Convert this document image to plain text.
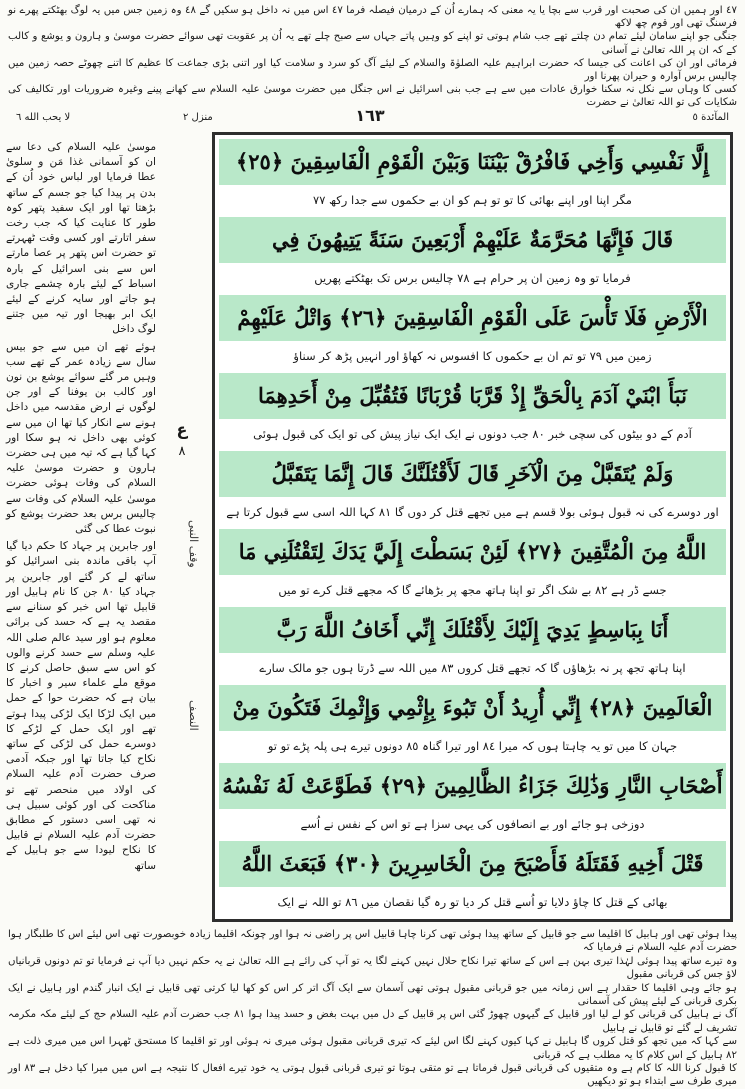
٤٧ اور ہمیں ان کی صحبت اور قرب سے بچا یا یہ معنی کہ ہمارے اُن کے درمیان فیصلہ فرما ٤٧ اس میں نہ داخل ہو سکیں گے ٤٨ وہ زمین جس میں یہ لوگ بھٹکتے پھرے نو فرسنگ تھی اور قوم چھ لاکھ

جنگی جو اپنے سامان لیئے تمام دن چلتے تھے جب شام ہوتی تو اپنے کو وہیں پاتے جہاں سے صبح چلے تھے یہ اُن پر عقوبت تھی سوائے حضرت موسیٰ و ہارون و یوشع و کالب کے کہ ان پر اللہ تعالیٰ نے آسانی

فرمائی اور ان کی اعانت کی جیسا کہ حضرت ابراہیم علیہ الصلوٰۃ والسلام کے لیئے آگ کو سرد و سلامت کیا اور اتنی بڑی جماعت کا عظیم کا اتنے چھوٹے حصہ زمین میں چالیس برس آوارہ و حیران پھرنا اور

کسی کا وہاں سے نکل نہ سکنا خوارق عادات میں سے ہے جب بنی اسرائیل نے اس جنگل میں حضرت موسیٰ علیہ السلام سے کھانے پینے وغیرہ ضروریات اور تکالیف کی شکایات کی تو اللہ تعالیٰ نے حضرت

لا يحب الله ٦	منزل ٢	المآئدة ٥
١٦٣

موسیٰ علیہ السلام کی دعا سے ان کو آسمانی غذا مَن و سلویٰ عطا فرمایا اور لباس خود اُن کے بدن پر پیدا کیا جو جسم کے ساتھ بڑھتا تھا اور ایک سفید پتھر کوہ طور کا عنایت کیا کہ جب رخت سفر اتارتے اور کسی وقت ٹھہرتے تو حضرت اس پتھر پر عصا مارتے اس سے بنی اسرائیل کے بارہ اسباط کے لیئے بارہ چشمے جاری ہو جاتے اور سایہ کرنے کے لیئے ایک ابر بھیجا اور تیہ میں جتنے لوگ داخل

ہوئے تھے ان میں سے جو بیس سال سے زیادہ عمر کے تھے سب وہیں مر گئے سوائے یوشع بن نون اور کالب بن یوفنا کے اور جن لوگوں نے ارض مقدسہ میں داخل ہونے سے انکار کیا تھا ان میں سے کوئی بھی داخل نہ ہو سکا اور کہا گیا ہے کہ تیہ میں ہی حضرت ہارون و حضرت موسیٰ علیہ السلام کی وفات ہوئی حضرت موسیٰ علیہ السلام کی وفات سے چالیس برس بعد حضرت یوشع کو نبوت عطا کی گئی

اور جابرین پر جہاد کا حکم دیا گیا آپ باقی ماندہ بنی اسرائیل کو ساتھ لے کر گئے اور جابرین پر جہاد کیا ٨٠ جن کا نام ہابیل اور قابیل تھا اس خبر کو سنانے سے مقصد یہ ہے کہ حسد کی برائی معلوم ہو اور سید عالم صلی اللہ علیہ وسلم سے حسد کرنے والوں کو اس سے سبق حاصل کرنے کا موقع ملے علماء سیر و اخبار کا بیان ہے کہ حضرت حوا کے حمل میں ایک لڑکا ایک لڑکی پیدا ہوتے تھے اور ایک حمل کے لڑکے کا دوسرے حمل کی لڑکی کے ساتھ نکاح کیا جاتا تھا اور جبکہ آدمی صرف حضرت آدم علیہ السلام کی اولاد میں منحصر تھے تو مناکحت کی اور کوئی سبیل ہی نہ تھی اسی دستور کے مطابق حضرت آدم علیہ السلام نے قابیل کا نکاح لیودا سے جو ہابیل کے ساتھ

ع
٨
وقف النبی
النصف
إِلَّا نَفْسِي وَأَخِي فَافْرُقْ بَيْنَنَا وَبَيْنَ الْقَوْمِ الْفَاسِقِينَ ﴿٢٥﴾
مگر اپنا اور اپنے بھائی کا تو تو ہم کو ان بے حکموں سے جدا رکھ ٧٧
قَالَ فَإِنَّهَا مُحَرَّمَةٌ عَلَيْهِمْ أَرْبَعِينَ سَنَةً يَتِيهُونَ فِي
فرمایا تو وہ زمین ان پر حرام ہے ٧٨ چالیس برس تک بھٹکتے پھریں
الْأَرْضِ فَلَا تَأْسَ عَلَى الْقَوْمِ الْفَاسِقِينَ ﴿٢٦﴾ وَاتْلُ عَلَيْهِمْ
زمین میں ٧٩ تو تم ان بے حکموں کا افسوس نہ کھاؤ اور انہیں پڑھ کر سناؤ
نَبَأَ ابْنَيْ آدَمَ بِالْحَقِّ إِذْ قَرَّبَا قُرْبَانًا فَتُقُبِّلَ مِنْ أَحَدِهِمَا
آدم کے دو بیٹوں کی سچی خبر ٨٠ جب دونوں نے ایک ایک نیاز پیش کی تو ایک کی قبول ہوئی
وَلَمْ يُتَقَبَّلْ مِنَ الْآخَرِ قَالَ لَأَقْتُلَنَّكَ قَالَ إِنَّمَا يَتَقَبَّلُ
اور دوسرے کی نہ قبول ہوئی بولا قسم ہے میں تجھے قتل کر دوں گا ٨١ کہا اللہ اسی سے قبول کرتا ہے
اللَّهُ مِنَ الْمُتَّقِينَ ﴿٢٧﴾ لَئِنْ بَسَطْتَ إِلَيَّ يَدَكَ لِتَقْتُلَنِي مَا
جسے ڈر ہے ٨٢ بے شک اگر تو اپنا ہاتھ مجھ پر بڑھائے گا کہ مجھے قتل کرے تو میں
أَنَا بِبَاسِطٍ يَدِيَ إِلَيْكَ لِأَقْتُلَكَ إِنِّي أَخَافُ اللَّهَ رَبَّ
اپنا ہاتھ تجھ پر نہ بڑھاؤں گا کہ تجھے قتل کروں ٨٣ میں اللہ سے ڈرتا ہوں جو مالک سارے
الْعَالَمِينَ ﴿٢٨﴾ إِنِّي أُرِيدُ أَنْ تَبُوءَ بِإِثْمِي وَإِثْمِكَ فَتَكُونَ مِنْ
جہان کا میں تو یہ چاہتا ہوں کہ میرا ٨٤ اور تیرا گناہ ٨٥ دونوں تیرے ہی پلہ پڑے تو تو
أَصْحَابِ النَّارِ وَذَٰلِكَ جَزَاءُ الظَّالِمِينَ ﴿٢٩﴾ فَطَوَّعَتْ لَهُ نَفْسُهُ
دوزخی ہو جائے اور بے انصافوں کی یہی سزا ہے تو اس کے نفس نے اُسے
قَتْلَ أَخِيهِ فَقَتَلَهُ فَأَصْبَحَ مِنَ الْخَاسِرِينَ ﴿٣٠﴾ فَبَعَثَ اللَّهُ
بھائی کے قتل کا چاؤ دلایا تو اُسے قتل کر دیا تو رہ گیا نقصان میں ٨٦ تو اللہ نے ایک

پیدا ہوئی تھی اور ہابیل کا اقلیما سے جو قابیل کے ساتھ پیدا ہوئی تھی کرنا چاہا قابیل اس پر راضی نہ ہوا اور چونکہ اقلیما زیادہ خوبصورت تھی اس لیئے اس کا طلبگار ہوا حضرت آدم علیہ السلام نے فرمایا کہ

وہ تیرے ساتھ پیدا ہوئی لہٰذا تیری بہن ہے اس کے ساتھ تیرا نکاح حلال نہیں کہنے لگا یہ تو آپ کی رائے ہے اللہ تعالیٰ نے یہ حکم نہیں دیا آپ نے فرمایا تو تم دونوں قربانیاں لاؤ جس کی قربانی مقبول

ہو جائے وہی اقلیما کا حقدار ہے اس زمانہ میں جو قربانی مقبول ہوتی تھی آسمان سے ایک آگ اتر کر اس کو کھا لیا کرتی تھی قابیل نے ایک انبار گندم اور ہابیل نے ایک بکری قربانی کے لیئے پیش کی آسمانی

آگ نے ہابیل کی قربانی کو لے لیا اور قابیل کے گیہوں چھوڑ گئی اس پر قابیل کے دل میں بہت بغض و حسد پیدا ہوا ٨١ جب حضرت آدم علیہ السلام حج کے لیئے مکہ مکرمہ تشریف لے گئے تو قابیل نے ہابیل

سے کہا کہ میں تجھ کو قتل کروں گا ہابیل نے کہا کیوں کہنے لگا اس لیئے کہ تیری قربانی مقبول ہوئی میری نہ ہوئی اور تو اقلیما کا مستحق ٹھہرا اس میں میری ذلت ہے ٨٢ ہابیل کے اس کلام کا یہ مطلب ہے کہ قربانی

کا قبول کرنا اللہ کا کام ہے وہ متقیوں کی قربانی قبول فرماتا ہے تو متقی ہوتا تو تیری قربانی قبول ہوتی یہ خود تیرے افعال کا نتیجہ ہے اس میں میرا کیا دخل ہے ٨٣ اور میری طرف سے ابتداء ہو تو دیکھیں
